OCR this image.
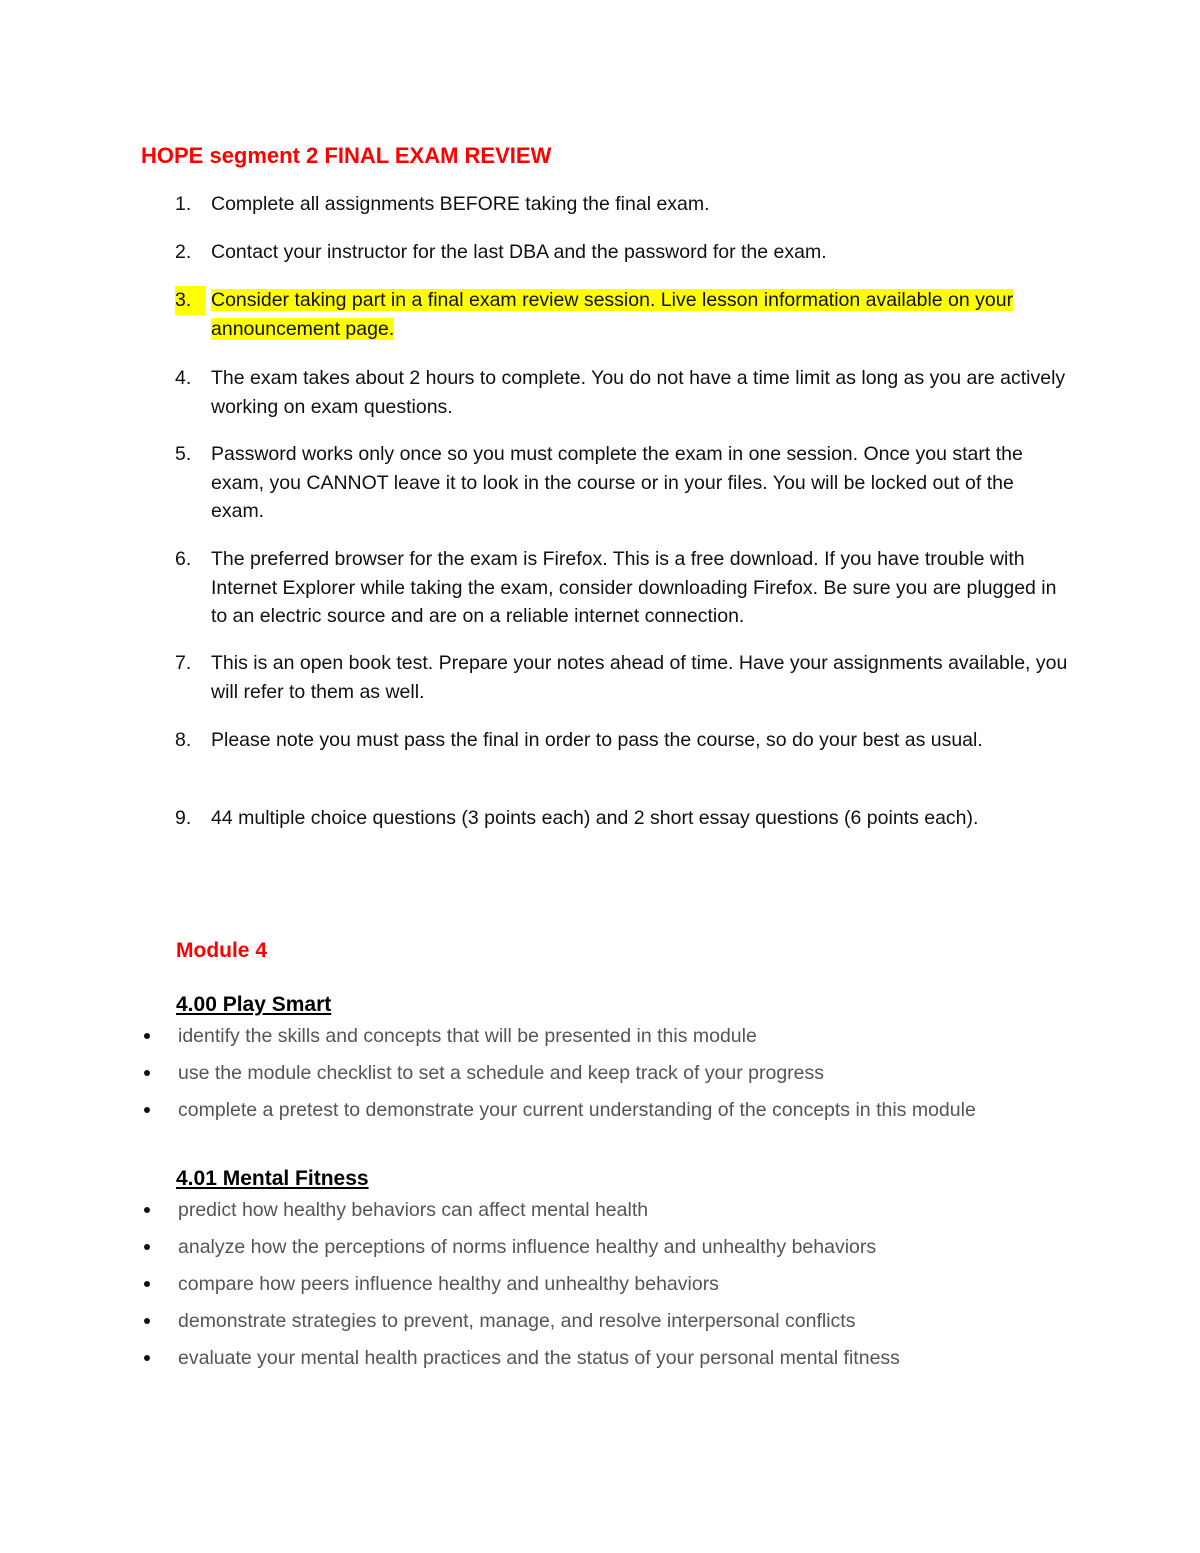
HOPE segment 2 FINAL EXAM REVIEW
1.	Complete all assignments BEFORE taking the final exam.
2.	Contact your instructor for the last DBA and the password for the exam.
3.	Consider taking part in a final exam review session. Live lesson information available on your announcement page.
4.	The exam takes about 2 hours to complete. You do not have a time limit as long as you are actively working on exam questions.
5.	Password works only once so you must complete the exam in one session. Once you start the exam, you CANNOT leave it to look in the course or in your files. You will be locked out of the exam.
6.	The preferred browser for the exam is Firefox. This is a free download. If you have trouble with Internet Explorer while taking the exam, consider downloading Firefox. Be sure you are plugged in to an electric source and are on a reliable internet connection.
7.	This is an open book test. Prepare your notes ahead of time. Have your assignments available, you will refer to them as well.
8.	Please note you must pass the final in order to pass the course, so do your best as usual.
9.	44 multiple choice questions (3 points each) and 2 short essay questions (6 points each).
Module 4
4.00 Play Smart
identify the skills and concepts that will be presented in this module
use the module checklist to set a schedule and keep track of your progress
complete a pretest to demonstrate your current understanding of the concepts in this module
4.01 Mental Fitness
predict how healthy behaviors can affect mental health
analyze how the perceptions of norms influence healthy and unhealthy behaviors
compare how peers influence healthy and unhealthy behaviors
demonstrate strategies to prevent, manage, and resolve interpersonal conflicts
evaluate your mental health practices and the status of your personal mental fitness
